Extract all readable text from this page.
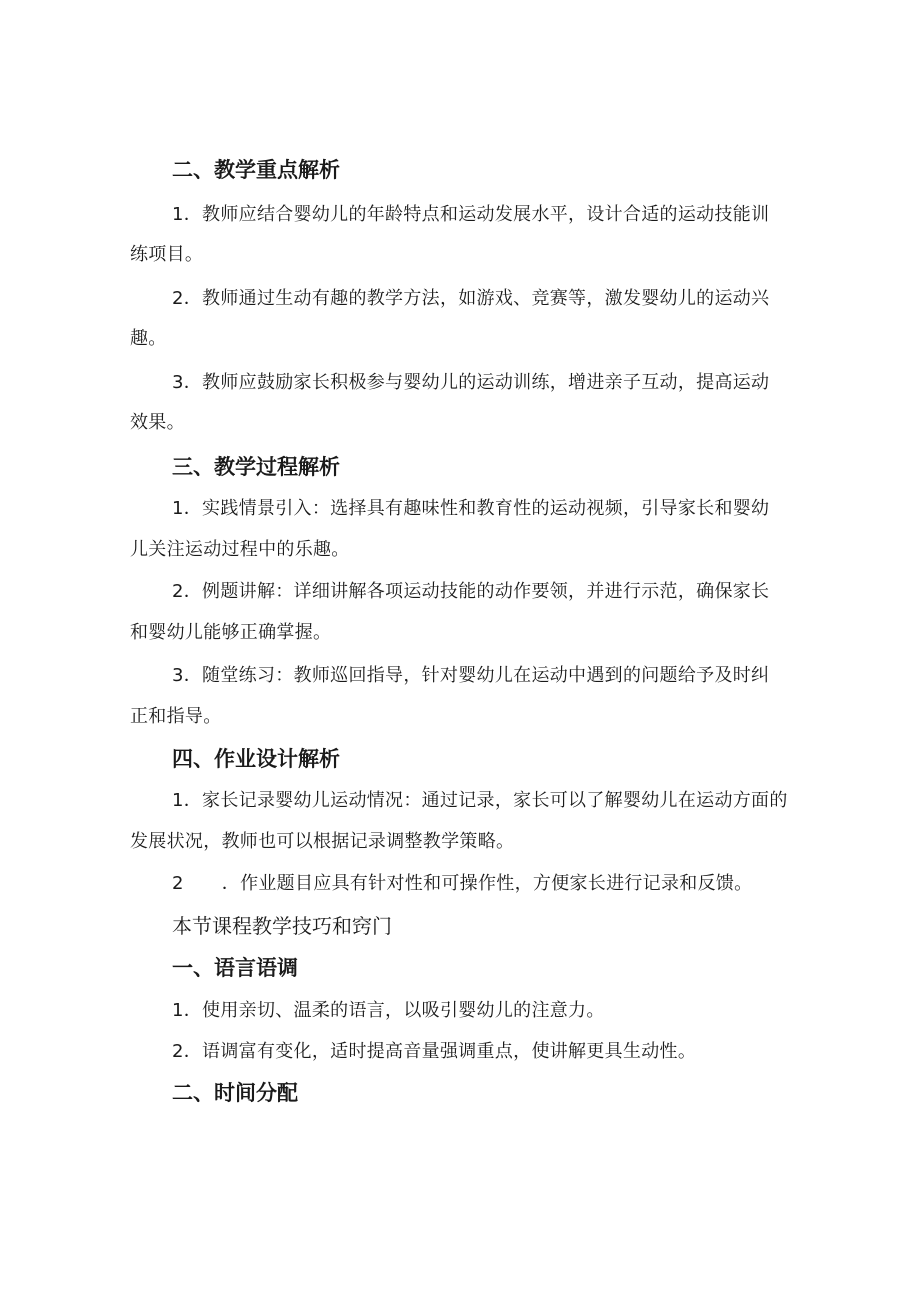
二、教学重点解析
1．教师应结合婴幼儿的年龄特点和运动发展水平，设计合适的运动技能训
练项目。
2．教师通过生动有趣的教学方法，如游戏、竞赛等，激发婴幼儿的运动兴
趣。
3．教师应鼓励家长积极参与婴幼儿的运动训练，增进亲子互动，提高运动
效果。
三、教学过程解析
1．实践情景引入：选择具有趣味性和教育性的运动视频，引导家长和婴幼
儿关注运动过程中的乐趣。
2．例题讲解：详细讲解各项运动技能的动作要领，并进行示范，确保家长
和婴幼儿能够正确掌握。
3．随堂练习：教师巡回指导，针对婴幼儿在运动中遇到的问题给予及时纠
正和指导。
四、作业设计解析
1．家长记录婴幼儿运动情况：通过记录，家长可以了解婴幼儿在运动方面的
发展状况，教师也可以根据记录调整教学策略。
2 ．作业题目应具有针对性和可操作性，方便家长进行记录和反馈。
本节课程教学技巧和窍门
一、语言语调
1．使用亲切、温柔的语言，以吸引婴幼儿的注意力。
2．语调富有变化，适时提高音量强调重点，使讲解更具生动性。
二、时间分配
